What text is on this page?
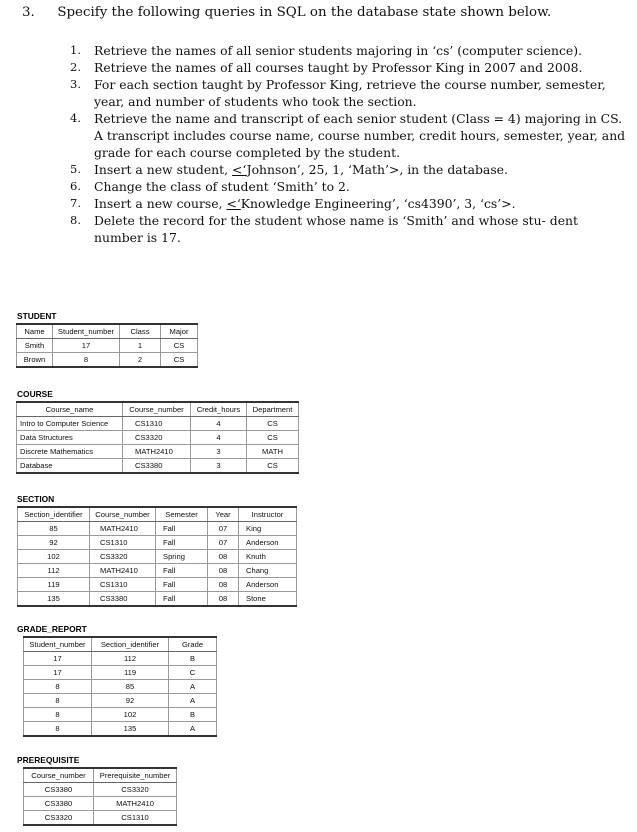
3. Specify the following queries in SQL on the database state shown below.
1. Retrieve the names of all senior students majoring in ‘cs’ (computer science).
2. Retrieve the names of all courses taught by Professor King in 2007 and 2008.
3. For each section taught by Professor King, retrieve the course number, semester, year, and number of students who took the section.
4. Retrieve the name and transcript of each senior student (Class = 4) majoring in CS. A transcript includes course name, course number, credit hours, semester, year, and grade for each course completed by the student.
5. Insert a new student, <‘Johnson’, 25, 1, ‘Math’>, in the database.
6. Change the class of student ‘Smith’ to 2.
7. Insert a new course, <‘Knowledge Engineering’, ‘cs4390’, 3, ‘cs’>.
8. Delete the record for the student whose name is ‘Smith’ and whose stu- dent number is 17.
STUDENT
Name	Student_number	Class	Major
Smith	17	1	CS
Brown	8	2	CS
COURSE
Course_name	Course_number	Credit_hours	Department
Intro to Computer Science	CS1310	4	CS
Data Structures	CS3320	4	CS
Discrete Mathematics	MATH2410	3	MATH
Database	CS3380	3	CS
SECTION
Section_identifier	Course_number	Semester	Year	Instructor
85	MATH2410	Fall	07	King
92	CS1310	Fall	07	Anderson
102	CS3320	Spring	08	Knuth
112	MATH2410	Fall	08	Chang
119	CS1310	Fall	08	Anderson
135	CS3380	Fall	08	Stone
GRADE_REPORT
Student_number	Section_identifier	Grade
17	112	B
17	119	C
8	85	A
8	92	A
8	102	B
8	135	A
PREREQUISITE
Course_number	Prerequisite_number
CS3380	CS3320
CS3380	MATH2410
CS3320	CS1310
